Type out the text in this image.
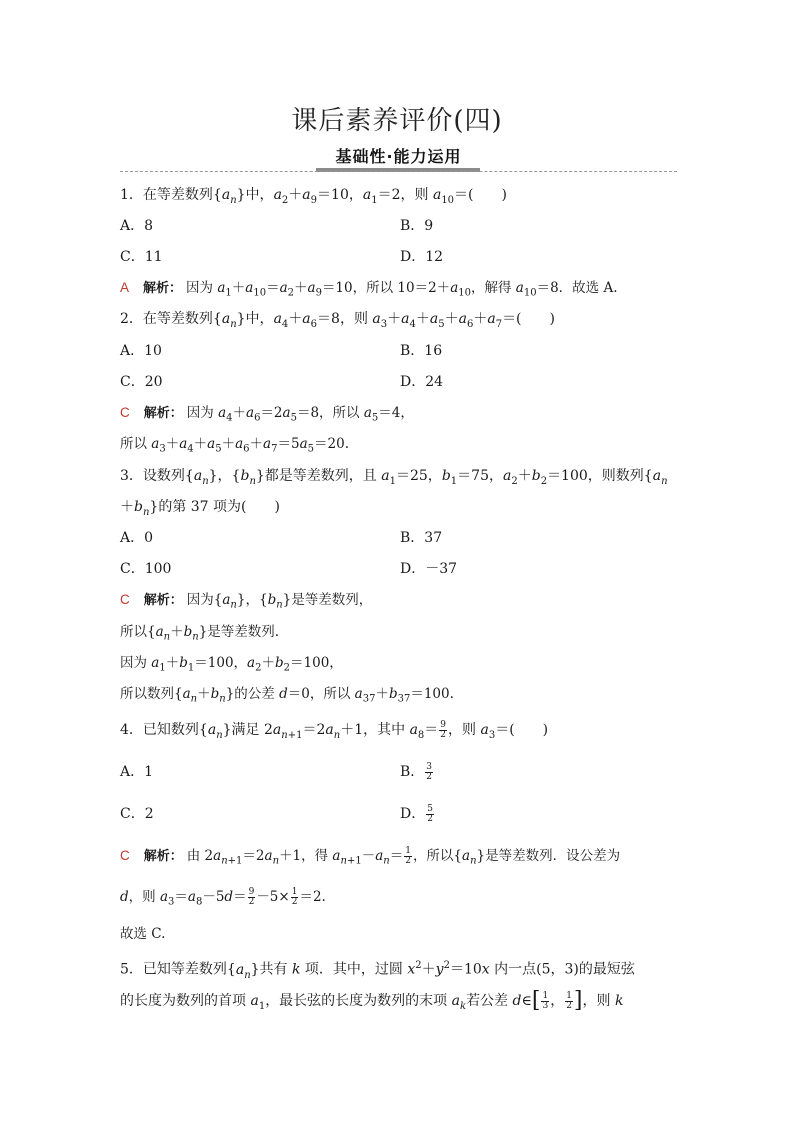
课后素养评价(四)
基础性·能力运用
1．在等差数列$\{a_n\}$中，$a_2+a_9=10$，$a_1=2$，则 $a_{10}=$(　　)
A．8	B．9
C．11	D．12
A 解析： 因为 $a_1+a_{10}=a_2+a_9=10$，所以 $10=2+a_{10}$，解得 $a_{10}=8$．故选 A.
2．在等差数列$\{a_n\}$中，$a_4+a_6=8$，则 $a_3+a_4+a_5+a_6+a_7=$(　　)
A．10	B．16
C．20	D．24
C 解析： 因为 $a_4+a_6=2a_5=8$，所以 $a_5=4$，
所以 $a_3+a_4+a_5+a_6+a_7=5a_5=20$.
3．设数列$\{a_n\}$，$\{b_n\}$都是等差数列，且 $a_1=25$，$b_1=75$，$a_2+b_2=100$，则数列{$a_n$
$+b_n$}的第 37 项为(　　)
A．0	B．37
C．100	D．－37
C 解析： 因为$\{a_n\}$，$\{b_n\}$是等差数列，
所以$\{a_n+b_n\}$是等差数列.
因为 $a_1+b_1=100$，$a_2+b_2=100$，
所以数列$\{a_n+b_n\}$的公差 d＝0，所以 $a_{37}+b_{37}=100$.
4．已知数列$\{a_n\}$满足 $2a_{n+1}=2a_n+1$，其中 $a_8= \frac{9}{2}$ ，则 $a_3=$(　　)
A．1	B． $\frac{3}{2}$
C．2	D． $\frac{5}{2}$
C 解析： 由 $2a_{n+1}=2a_n+1$，得 $a_{n+1}-a_n= \frac{1}{2}$ ，所以$\{a_n\}$是等差数列．设公差为
d，则 $a_3=a_8-5d= \frac{9}{2} -5\times \frac{1}{2} =2$.
故选 C.
5．已知等差数列$\{a_n\}$共有 k 项．其中，过圆 $x^2+y^2=10x$ 内一点(5，3)的最短弦
的长度为数列的首项 $a_1$，最长弦的长度为数列的末项 $a_k$若公差 d∈[ $\frac{1}{3}$ ， $\frac{1}{2}$ ]，则 k
